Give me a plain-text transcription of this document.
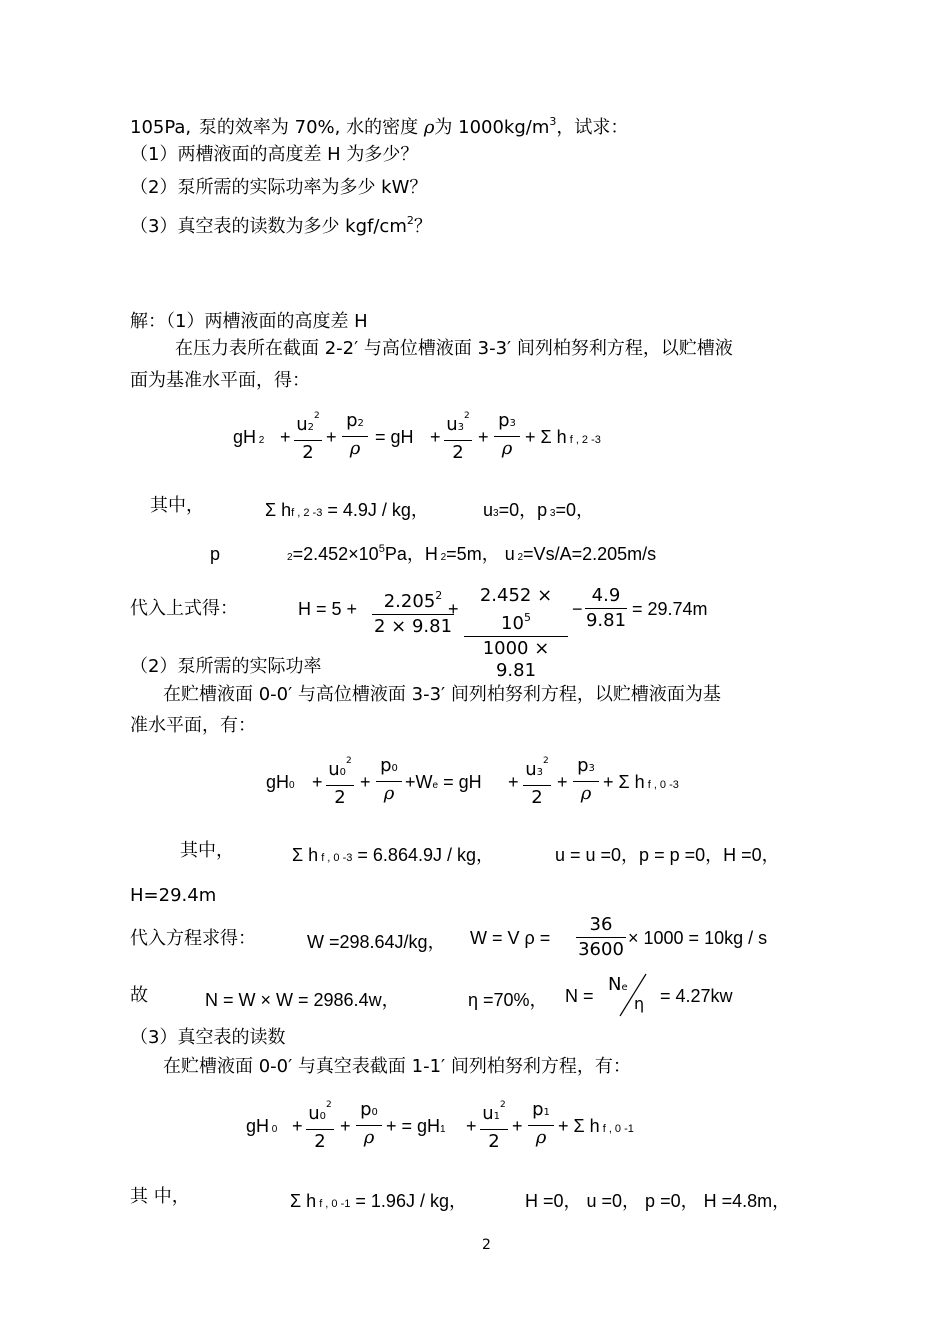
105Pa, 泵的效率为 70%, 水的密度 ρ为 $1000kg/m^3$，试求：
（1）两槽液面的高度差 H 为多少？
（2）泵所需的实际功率为多少 kW？
（3）真空表的读数为多少 kgf/$cm^2$？
解：（1）两槽液面的高度差 H
在压力表所在截面 2-2′ 与高位槽液面 3-3′ 间列柏努利方程，以贮槽液
面为基准水平面，得：
gH 2 +
$u2^2$
2
+
p2
ρ
= gH +
$u3^2$
2
+
p3
ρ
+ Σ h f , 2 -3
其中，	Σ hf , 2 -3 = 4.9J / kg，	u3=0，p 3=0，
p	$2=2.452\times 10^5Pa$，H 2=5m， u 2=Vs/A=2.205m/s
代入上式得：	H = 5 +	$2.205^2$
2 × 9.81
+
$2.452 \times 10^5$
1000 × 9.81
−
4.9
9.81
= 29.74m
（2）泵所需的实际功率
在贮槽液面 0-0′ 与高位槽液面 3-3′ 间列柏努利方程，以贮槽液面为基
准水平面，有：
gH0 +
$u0^2$
2
+
p0
ρ
+We = gH +
$u3^2$
2
+
p3
ρ
+ Σ h f , 0 -3
其中，	Σ h f , 0 -3 = 6.864.9J / kg，	u = u =0，p = p =0，H =0，
H=29.4m
代入方程求得：	W =298.64J/kg， W = V ρ =
36
3600
× 1000 = 10kg / s
故	N = W × W = 2986.4w，	η =70%， N =
Ne
η = 4.27kw
（3）真空表的读数
在贮槽液面 0-0′ 与真空表截面 1-1′ 间列柏努利方程，有：
gH 0 +
$u0^2$
2
+
p0
ρ
+ = gH1 +
$u1^2$
2
+
p1
ρ
+ Σ h f , 0 -1
其 中，	Σ h f , 0 -1 = 1.96J / kg，	H =0， u =0， p =0， H =4.8m，
2
